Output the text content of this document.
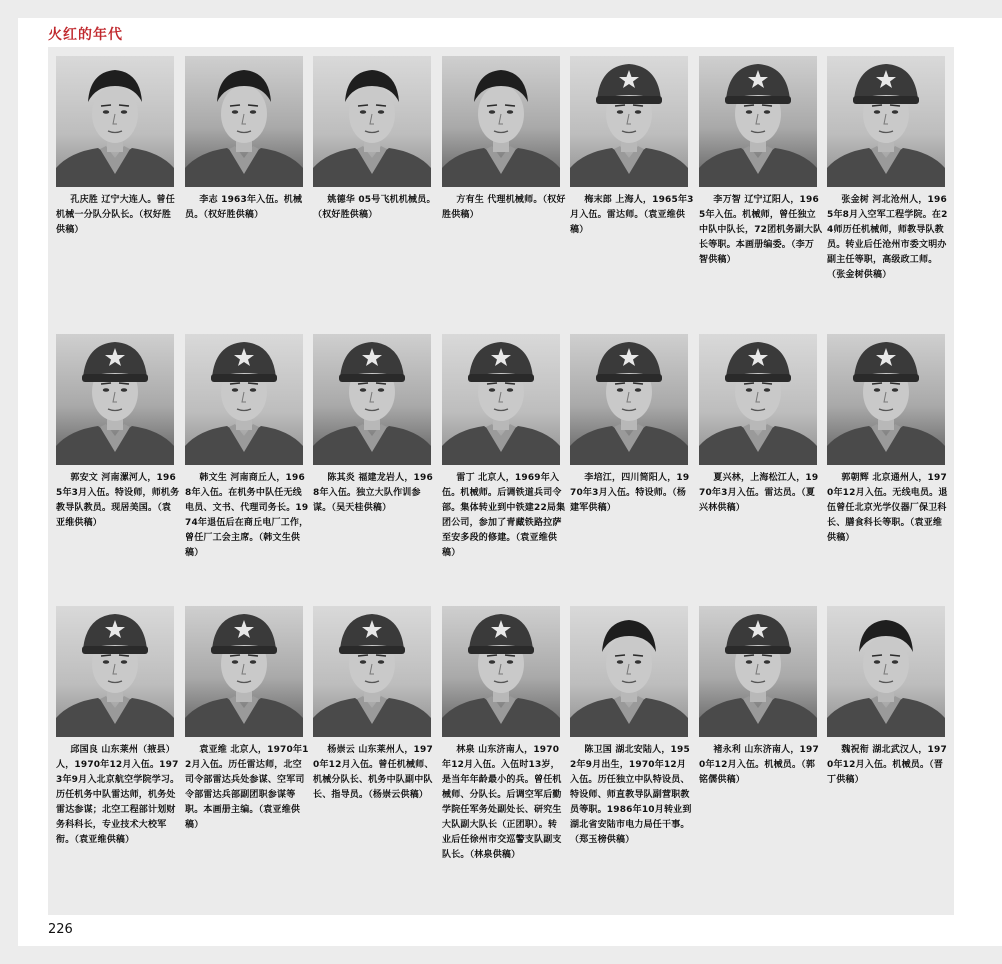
火红的年代
孔庆胜 辽宁大连人。曾任机械一分队分队长。（权好胜供稿）
李志 1963年入伍。机械员。（权好胜供稿）
姚德华 05号飞机机械员。（权好胜供稿）
方有生 代理机械师。（权好胜供稿）
梅末郎 上海人，1965年3月入伍。雷达师。（袁亚维供稿）
李万智 辽宁辽阳人，1965年入伍。机械师，曾任独立中队中队长，72团机务副大队长等职。本画册编委。（李万智供稿）
张金树 河北沧州人，1965年8月入空军工程学院。在24师历任机械师，师教导队教员。转业后任沧州市委文明办副主任等职，高级政工师。（张金树供稿）
郭安文 河南漯河人，1965年3月入伍。特设师，师机务教导队教员。现居美国。（袁亚维供稿）
韩文生 河南商丘人，1968年入伍。在机务中队任无线电员、文书、代理司务长。1974年退伍后在商丘电厂工作，曾任厂工会主席。（韩文生供稿）
陈其炎 福建龙岩人，1968年入伍。独立大队作训参谋。（吴天桂供稿）
雷丁 北京人，1969年入伍。机械师。后调铁道兵司令部。集体转业到中铁建22局集团公司，参加了青藏铁路拉萨至安多段的修建。（袁亚维供稿）
李培江，四川简阳人，1970年3月入伍。特设师。（杨建军供稿）
夏兴林，上海松江人，1970年3月入伍。雷达员。（夏兴林供稿）
郭朝辉 北京通州人，1970年12月入伍。无线电员。退伍曾任北京光学仪器厂保卫科长、膳食科长等职。（袁亚维供稿）
邱国良 山东莱州（掖县）人，1970年12月入伍。1973年9月入北京航空学院学习。历任机务中队雷达师，机务处雷达参谋；北空工程部计划财务科科长，专业技术大校军衔。（袁亚维供稿）
袁亚维 北京人，1970年12月入伍。历任雷达师，北空司令部雷达兵处参谋、空军司令部雷达兵部副团职参谋等职。本画册主编。（袁亚维供稿）
杨崇云 山东莱州人，1970年12月入伍。曾任机械师、机械分队长、机务中队副中队长、指导员。（杨崇云供稿）
林泉 山东济南人，1970年12月入伍。入伍时13岁，是当年年龄最小的兵。曾任机械师、分队长。后调空军后勤学院任军务处副处长、研究生大队副大队长（正团职）。转业后任徐州市交巡警支队副支队长。（林泉供稿）
陈卫国 湖北安陆人，1952年9月出生，1970年12月入伍。历任独立中队特设员、特设师、师直教导队副营职教员等职。1986年10月转业到湖北省安陆市电力局任干事。（郑玉榜供稿）
褚永利 山东济南人，1970年12月入伍。机械员。（郭铭儒供稿）
魏祝衔 湖北武汉人，1970年12月入伍。机械员。（晋丁供稿）
226
